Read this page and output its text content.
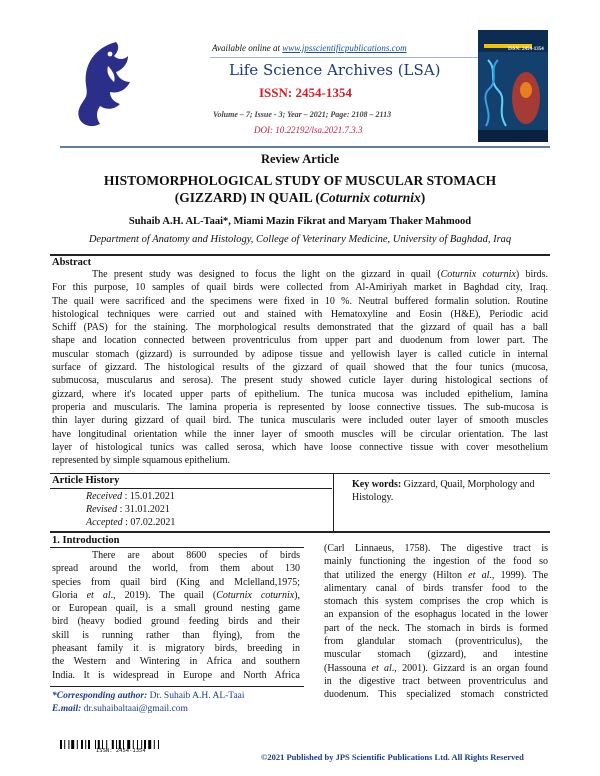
Available online at www.jpsscientificpublications.com
Life Science Archives (LSA)
ISSN: 2454-1354
Volume – 7; Issue - 3; Year – 2021; Page: 2108 – 2113
DOI: 10.22192/lsa.2021.7.3.3
ISSN: 2454-1354
Review Article
HISTOMORPHOLOGICAL STUDY OF MUSCULAR STOMACH
(GIZZARD) IN QUAIL (Coturnix coturnix)
Suhaib A.H. AL-Taai*, Miami Mazin Fikrat and Maryam Thaker Mahmood
Department of Anatomy and Histology, College of Veterinary Medicine, University of Baghdad, Iraq
Abstract
The present study was designed to focus the light on the gizzard in quail (Coturnix coturnix) birds.
For this purpose, 10 samples of quail birds were collected from Al-Amiriyah market in Baghdad city, Iraq.
The quail were sacrificed and the specimens were fixed in 10 %. Neutral buffered formalin solution. Routine
histological techniques were carried out and stained with Hematoxyline and Eosin (H&E), Periodic acid
Schiff (PAS) for the staining. The morphological results demonstrated that the gizzard of quail has a ball
shape and location connected between proventriculus from upper part and duodenum from lower part. The
muscular stomach (gizzard) is surrounded by adipose tissue and yellowish layer is called cuticle in internal
surface of gizzard. The histological results of the gizzard of quail showed that the four tunics (mucosa,
submucosa, muscularus and serosa). The present study showed cuticle layer during histological sections of
gizzard, where it's located upper parts of epithelium. The tunica mucosa was included epithelium, lamina
properia and muscularis. The lamina properia is represented by loose connective tissues. The sub-mucosa is
thin layer during gizzard of quail bird. The tunica muscularis were included outer layer of smooth muscles
have longitudinal orientation while the inner layer of smooth muscles will be circular orientation. The last
layer of histological tunics was called serosa, which have loose connective tissue with cover mesothelium
represented by simple squamous epithelium.
Article History
Received : 15.01.2021
Revised : 31.01.2021
Accepted : 07.02.2021
Key words: Gizzard, Quail, Morphology and
Histology.
1. Introduction
There are about 8600 species of birds
spread around the world, from them about 130
species from quail bird (King and Mclelland,1975;
Gloria et al., 2019). The quail (Coturnix coturnix),
or European quail, is a small ground nesting game
bird (heavy bodied ground feeding birds and their
skill is running rather than flying), from the
pheasant family it is migratory birds, breeding in
the Western and Wintering in Africa and southern
India. It is widespread in Europe and North Africa
(Carl Linnaeus, 1758). The digestive tract is
mainly functioning the ingestion of the food so
that utilized the energy (Hilton et al., 1999). The
alimentary canal of birds transfer food to the
stomach this system comprises the crop which is
an expansion of the esophagus located in the lower
part of the neck. The stomach in birds is formed
from glandular stomach (proventriculus), the
muscular stomach (gizzard), and intestine
(Hassouna et al., 2001). Gizzard is an organ found
in the digestive tract between proventriculus and
duodenum. This specialized stomach constricted
*Corresponding author: Dr. Suhaib A.H. AL-Taai
E.mail: dr.suhaibaltaai@gmail.com
ISSN: 2454-1354
©2021 Published by JPS Scientific Publications Ltd. All Rights Reserved
